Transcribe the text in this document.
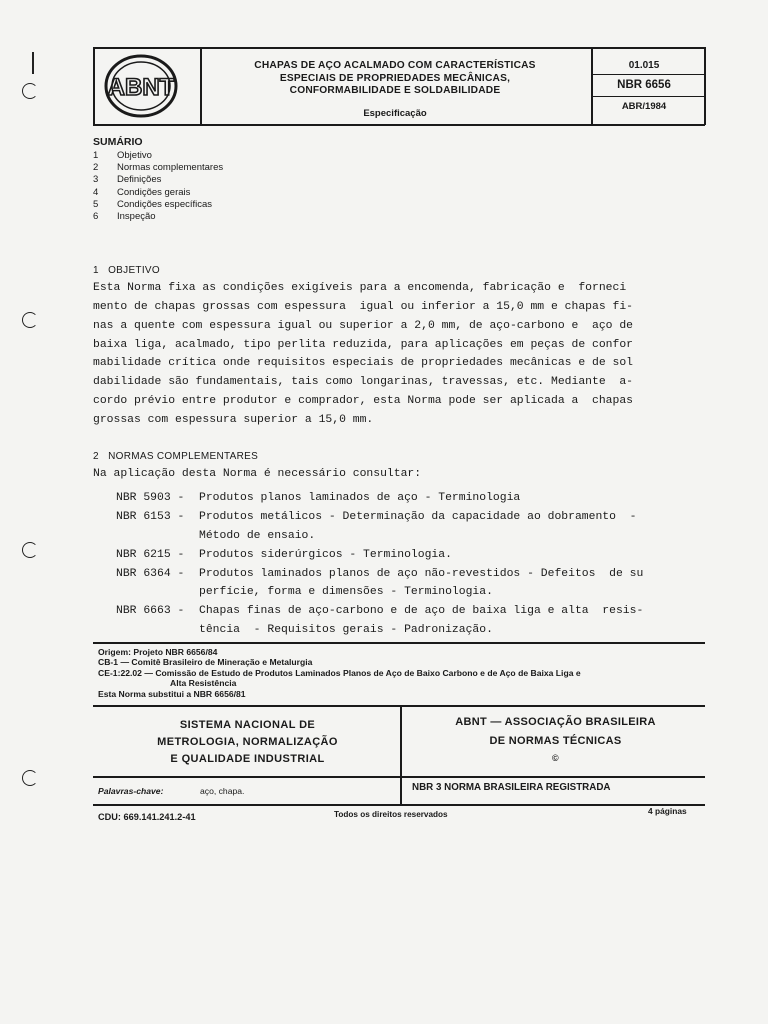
ABNT
CHAPAS DE AÇO ACALMADO COM CARACTERÍSTICAS
ESPECIAIS DE PROPRIEDADES MECÂNICAS,
CONFORMABILIDADE E SOLDABILIDADE
Especificação
01.015
NBR 6656
ABR/1984
SUMÁRIO
1	Objetivo
2	Normas complementares
3	Definições
4	Condições gerais
5	Condições específicas
6	Inspeção
1   OBJETIVO
Esta Norma fixa as condições exigíveis para a encomenda, fabricação e  forneci
mento de chapas grossas com espessura  igual ou inferior a 15,0 mm e chapas fi-
nas a quente com espessura igual ou superior a 2,0 mm, de aço-carbono e  aço de
baixa liga, acalmado, tipo perlita reduzida, para aplicações em peças de confor
mabilidade crítica onde requisitos especiais de propriedades mecânicas e de sol
dabilidade são fundamentais, tais como longarinas, travessas, etc. Mediante  a-
cordo prévio entre produtor e comprador, esta Norma pode ser aplicada a  chapas
grossas com espessura superior a 15,0 mm.
2   NORMAS COMPLEMENTARES
Na aplicação desta Norma é necessário consultar:
NBR 5903 - Produtos planos laminados de aço - Terminologia
NBR 6153 - Produtos metálicos - Determinação da capacidade ao dobramento  -
Método de ensaio.
NBR 6215 - Produtos siderúrgicos - Terminologia.
NBR 6364 - Produtos laminados planos de aço não-revestidos - Defeitos  de su
perfície, forma e dimensões - Terminologia.
NBR 6663 - Chapas finas de aço-carbono e de aço de baixa liga e alta  resis-
tência  - Requisitos gerais - Padronização.
Origem: Projeto NBR 6656/84
CB-1 — Comitê Brasileiro de Mineração e Metalurgia
CE-1:22.02 — Comissão de Estudo de Produtos Laminados Planos de Aço de Baixo Carbono e de Aço de Baixa Liga e
Alta Resistência
Esta Norma substitui a NBR 6656/81
SISTEMA NACIONAL DE
METROLOGIA, NORMALIZAÇÃO
E QUALIDADE INDUSTRIAL
ABNT — ASSOCIAÇÃO BRASILEIRA
DE NORMAS TÉCNICAS
©
Palavras-chave:	aço, chapa.	NBR 3 NORMA BRASILEIRA REGISTRADA
CDU: 669.141.241.2-41	Todos os direitos reservados	4 páginas
